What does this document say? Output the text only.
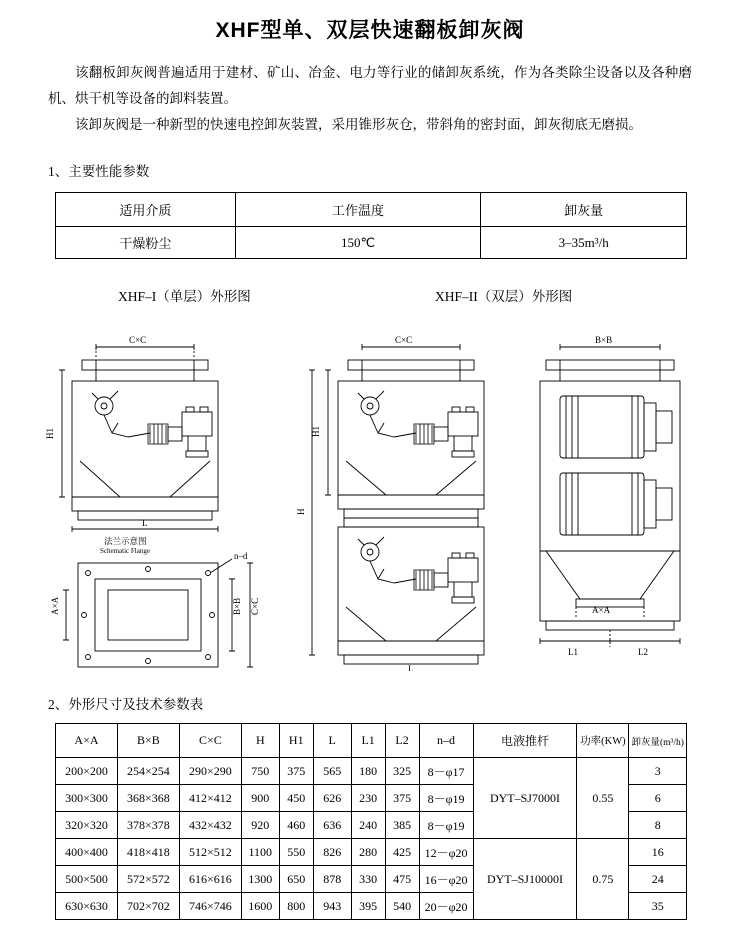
XHF型单、双层快速翻板卸灰阀

该翻板卸灰阀普遍适用于建材、矿山、冶金、电力等行业的储卸灰系统，作为各类除尘设备以及各种磨机、烘干机等设备的卸料装置。

该卸灰阀是一种新型的快速电控卸灰装置，采用锥形灰仓，带斜角的密封面，卸灰彻底无磨损。

1、主要性能参数
适用介质	工作温度	卸灰量
干燥粉尘	150℃	3–35m³/h
XHF–I（单层）外形图	XHF–II（双层）外形图
C×C
H1
L
法兰示意图
Schematic Flange	n–d
A×A	B×B C×C
C×C
H1
H
L
B×B
A×A
L1	L2
2、外形尺寸及技术参数表
A×A	B×B	C×C	H	H1	L	L1	L2	n–d	电液推杆	功率(KW)	卸灰量(m³/h)
200×200	254×254	290×290	750	375	565	180	325	8－φ17	DYT–SJ7000I	0.55	3
300×300	368×368	412×412	900	450	626	230	375	8－φ19			6
320×320	378×378	432×432	920	460	636	240	385	8－φ19			8
400×400	418×418	512×512	1100	550	826	280	425	12－φ20	DYT–SJ10000I	0.75	16
500×500	572×572	616×616	1300	650	878	330	475	16－φ20			24
630×630	702×702	746×746	1600	800	943	395	540	20－φ20			35
